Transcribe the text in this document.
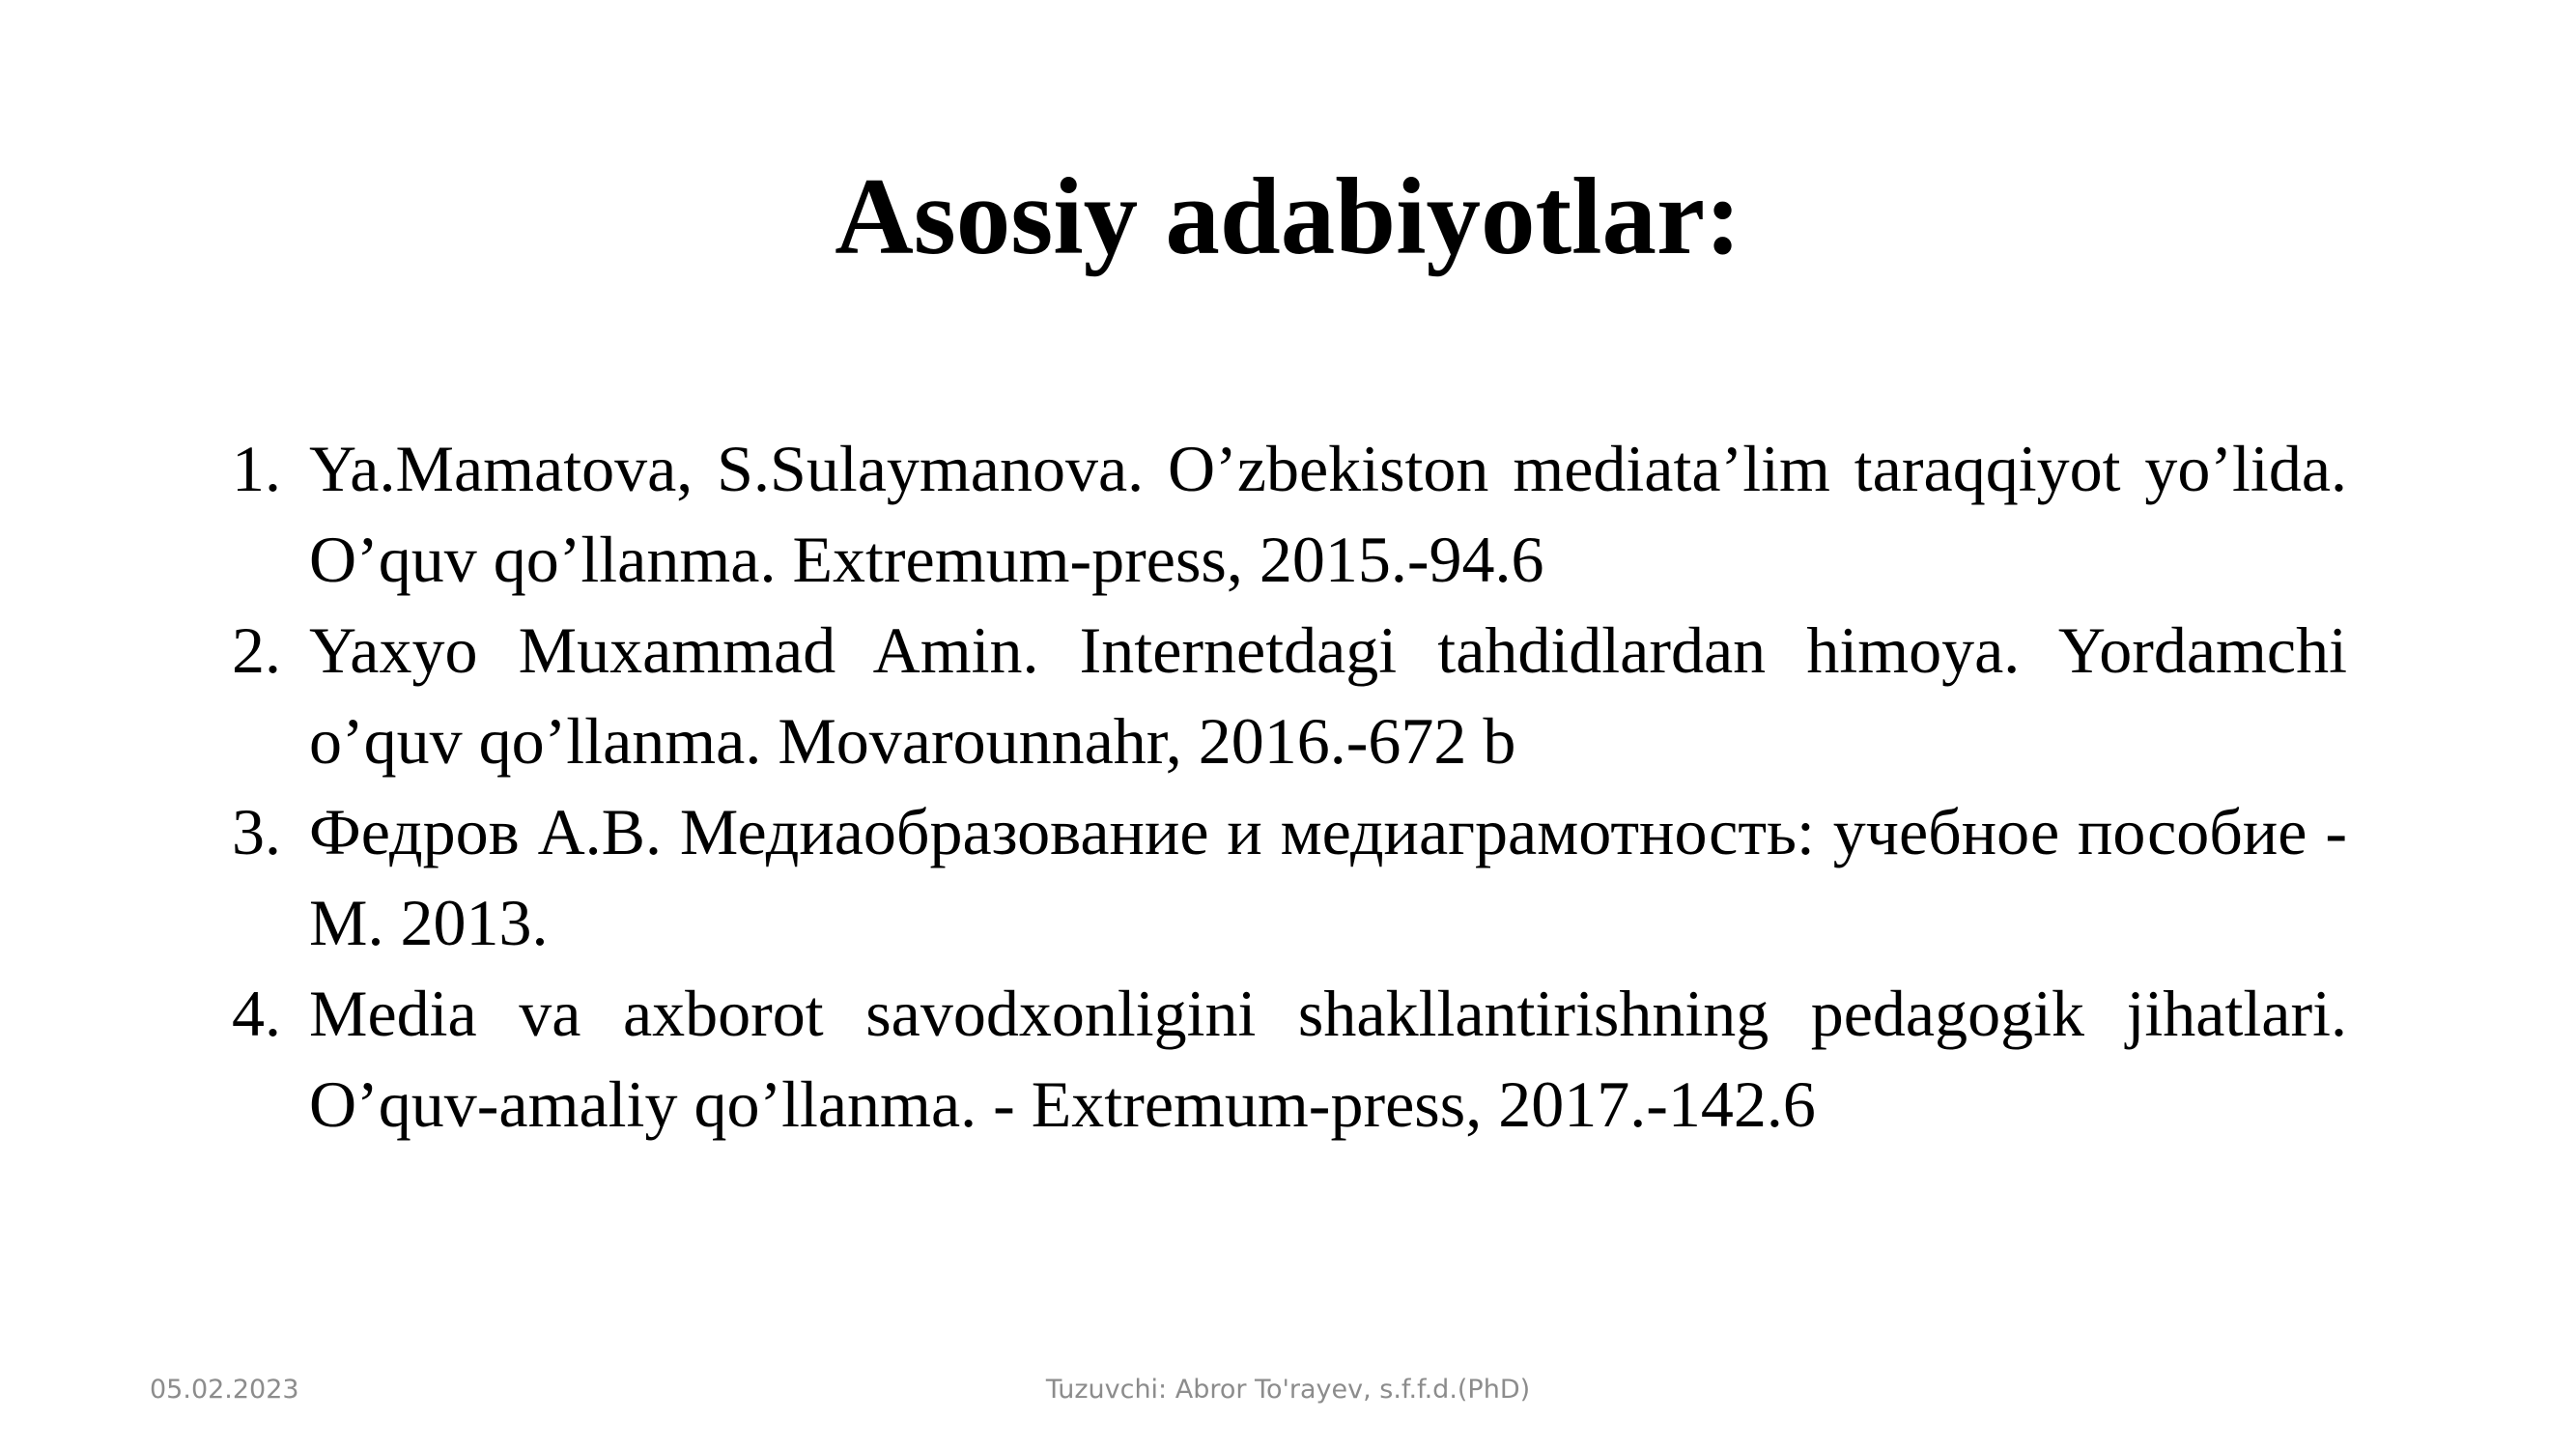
Asosiy adabiyotlar:
1. Ya.Mamatova, S.Sulaymanova. O’zbekiston mediata’lim taraqqiyot yo’lida. O’quv qo’llanma. Extremum-press, 2015.-94.6
2. Yaxyo Muxammad Amin. Internetdagi tahdidlardan himoya. Yordamchi o’quv qo’llanma. Movarounnahr, 2016.-672 b
3. Федров А.В. Медиаобразование и медиаграмотность: учебное пособие - М. 2013.
4. Media va axborot savodxonligini shakllantirishning pedagogik jihatlari. O’quv-amaliy qo’llanma. - Extremum-press, 2017.-142.6
Tuzuvchi: Abror To'rayev, s.f.f.d.(PhD)
05.02.2023
